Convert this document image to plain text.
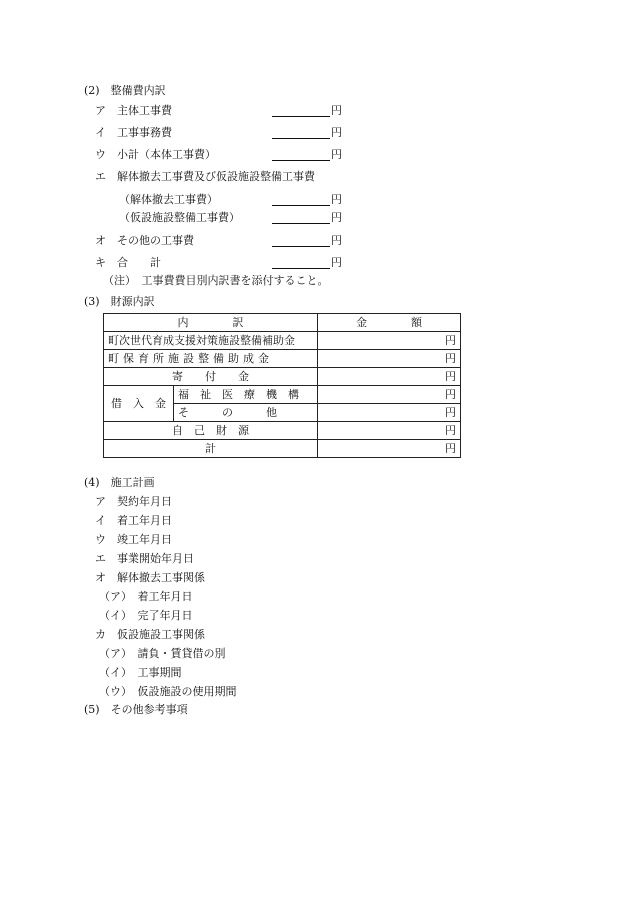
(2)　整備費内訳
ア　主体工事費	円
イ　工事事務費	円
ウ　小計（本体工事費）	円
エ　解体撤去工事費及び仮設施設整備工事費
（解体撤去工事費）	円
（仮設施設整備工事費）	円
オ　その他の工事費	円
キ　合　　計	円
（注）　工事費費目別内訳書を添付すること。
(3)　財源内訳
内　　　　訳		金　　　　額
町次世代育成支援対策施設整備補助金		円
町保育所施設整備助成金		円
寄　　付　　金		円
借　入　金	福　祉　医　療　機　構	円
	そ　　　の　　　他	円
自　己　財　源		円
計		円
(4)　施工計画
ア　契約年月日
イ　着工年月日
ウ　竣工年月日
エ　事業開始年月日
オ　解体撤去工事関係
（ア）　着工年月日
（イ）　完了年月日
カ　仮設施設工事関係
（ア）　請負・賃貸借の別
（イ）　工事期間
（ウ）　仮設施設の使用期間
(5)　その他参考事項
